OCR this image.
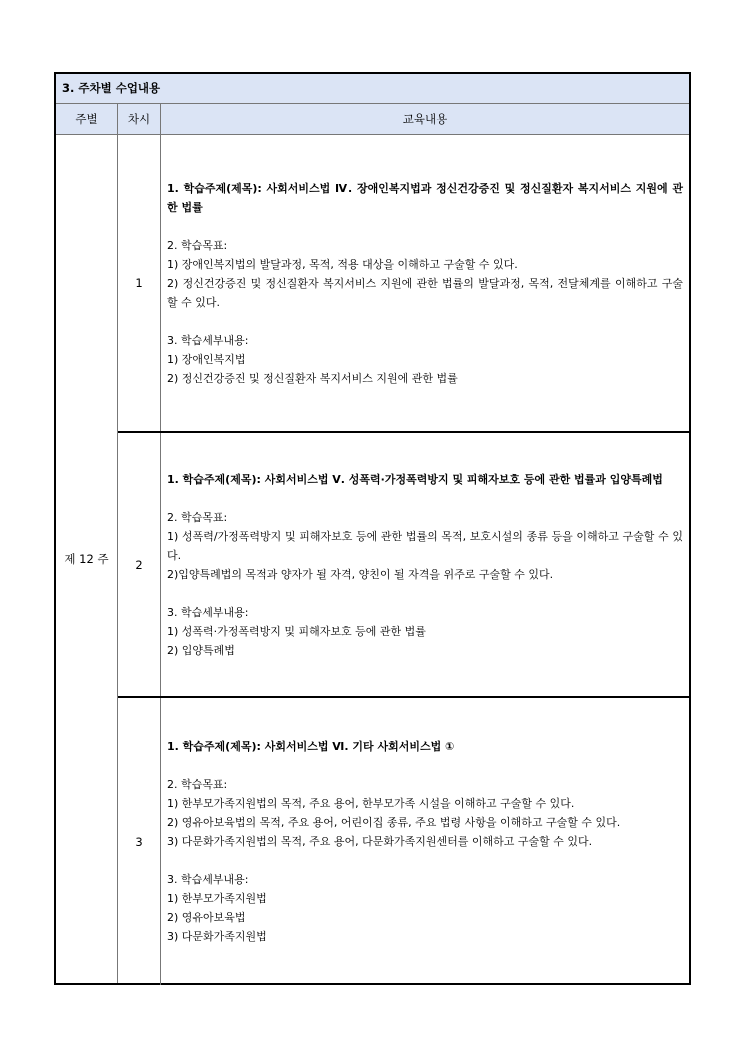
3. 주차별 수업내용
주별	차시	교육내용
제 12 주
1
1. 학습주제(제목): 사회서비스법 Ⅳ. 장애인복지법과 정신건강증진 및 정신질환자 복지서비스 지원에 관한 법률
2. 학습목표:
1) 장애인복지법의 발달과정, 목적, 적용 대상을 이해하고 구술할 수 있다.
2) 정신건강증진 및 정신질환자 복지서비스 지원에 관한 법률의 발달과정, 목적, 전달체계를 이해하고 구술할 수 있다.
3. 학습세부내용:
1) 장애인복지법
2) 정신건강증진 및 정신질환자 복지서비스 지원에 관한 법률
2
1. 학습주제(제목): 사회서비스법 Ⅴ. 성폭력·가정폭력방지 및 피해자보호 등에 관한 법률과 입양특례법
2. 학습목표:
1) 성폭력/가정폭력방지 및 피해자보호 등에 관한 법률의 목적, 보호시설의 종류 등을 이해하고 구술할 수 있다.
2)입양특례법의 목적과 양자가 될 자격, 양친이 될 자격을 위주로 구술할 수 있다.
3. 학습세부내용:
1) 성폭력·가정폭력방지 및 피해자보호 등에 관한 법률
2) 입양특례법
3
1. 학습주제(제목): 사회서비스법 Ⅵ. 기타 사회서비스법 ①
2. 학습목표:
1) 한부모가족지원법의 목적, 주요 용어, 한부모가족 시설을 이해하고 구술할 수 있다.
2) 영유아보육법의 목적, 주요 용어, 어린이집 종류, 주요 법령 사항을 이해하고 구술할 수 있다.
3) 다문화가족지원법의 목적, 주요 용어, 다문화가족지원센터를 이해하고 구술할 수 있다.
3. 학습세부내용:
1) 한부모가족지원법
2) 영유아보육법
3) 다문화가족지원법
